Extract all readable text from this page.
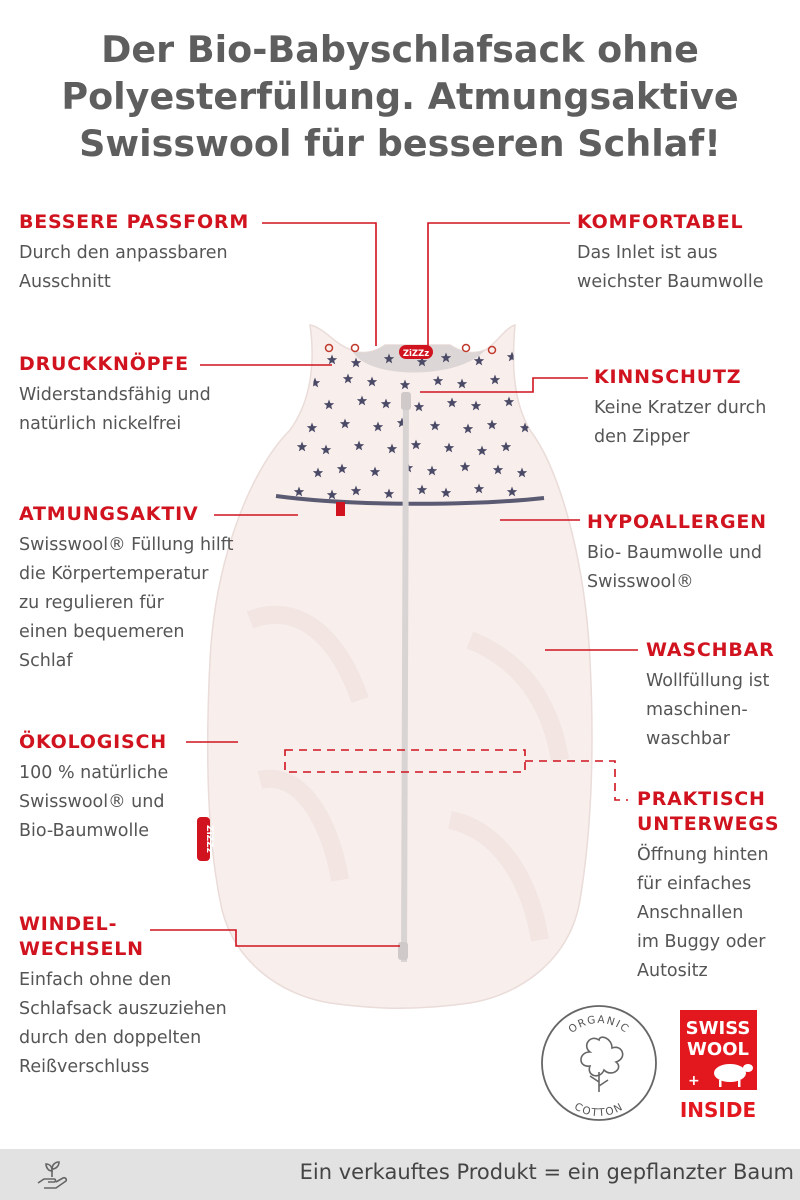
Der Bio-Babyschlafsack ohne
Polyesterfüllung. Atmungsaktive
Swisswool für besseren Schlaf!
ZiZZz
ZiZZz
ORGANIC
COTTON
SWISS
WOOL
+
INSIDE
BESSERE PASSFORM
Durch den anpassbaren
Ausschnitt
DRUCKKNÖPFE
Widerstandsfähig und
natürlich nickelfrei
ATMUNGSAKTIV
Swisswool® Füllung hilft
die Körpertemperatur
zu regulieren für
einen bequemeren
Schlaf
ÖKOLOGISCH
100 % natürliche
Swisswool® und
Bio-Baumwolle
WINDEL-
WECHSELN
Einfach ohne den
Schlafsack auszuziehen
durch den doppelten
Reißverschluss
KOMFORTABEL
Das Inlet ist aus
weichster Baumwolle
KINNSCHUTZ
Keine Kratzer durch
den Zipper
HYPOALLERGEN
Bio- Baumwolle und
Swisswool®
WASCHBAR
Wollfüllung ist
maschinen-
waschbar
PRAKTISCH
UNTERWEGS
Öffnung hinten
für einfaches
Anschnallen
im Buggy oder
Autositz
Ein verkauftes Produkt = ein gepflanzter Baum
